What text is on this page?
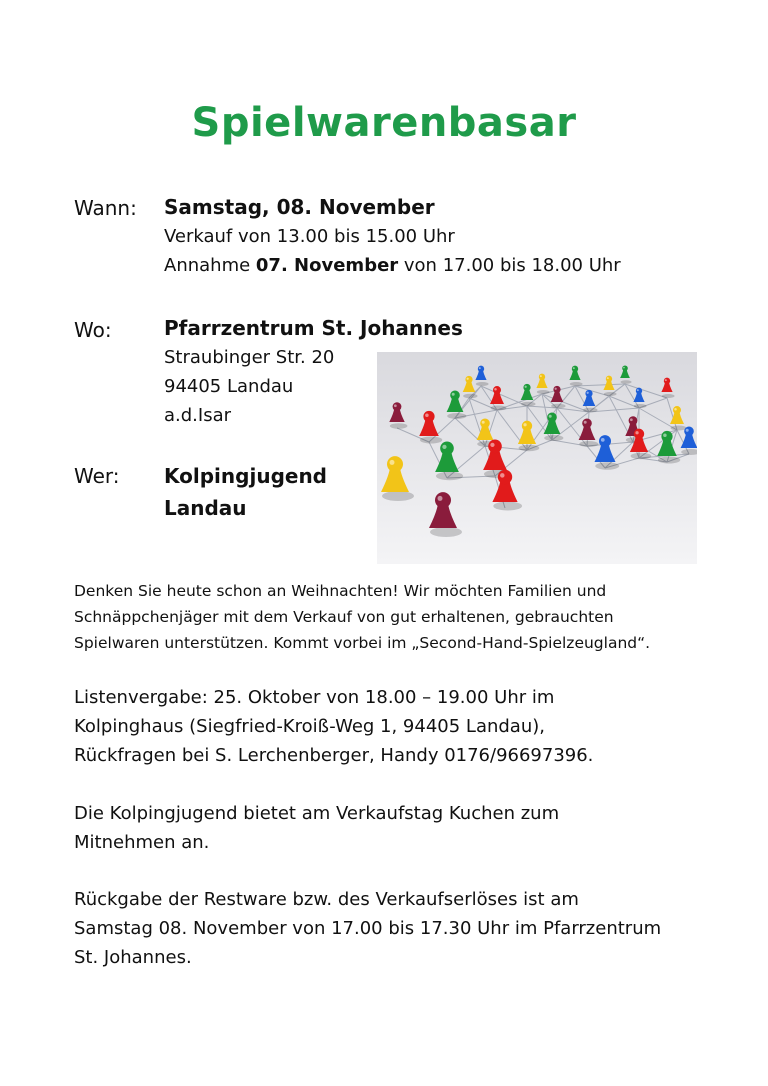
Spielwarenbasar
Wann: Samstag, 08. November
Verkauf von 13.00 bis 15.00 Uhr
Annahme 07. November von 17.00 bis 18.00 Uhr
Wo:	Pfarrzentrum St. Johannes
Straubinger Str. 20
94405 Landau
a.d.Isar
Wer: Kolpingjugend
Landau
Denken Sie heute schon an Weihnachten! Wir möchten Familien und
Schnäppchenjäger mit dem Verkauf von gut erhaltenen, gebrauchten
Spielwaren unterstützen. Kommt vorbei im „Second-Hand-Spielzeugland“.
Listenvergabe: 25. Oktober von 18.00 – 19.00 Uhr im
Kolpinghaus (Siegfried-Kroiß-Weg 1, 94405 Landau),
Rückfragen bei S. Lerchenberger, Handy 0176/96697396.
Die Kolpingjugend bietet am Verkaufstag Kuchen zum
Mitnehmen an.
Rückgabe der Restware bzw. des Verkaufserlöses ist am
Samstag 08. November von 17.00 bis 17.30 Uhr im Pfarrzentrum
St. Johannes.
